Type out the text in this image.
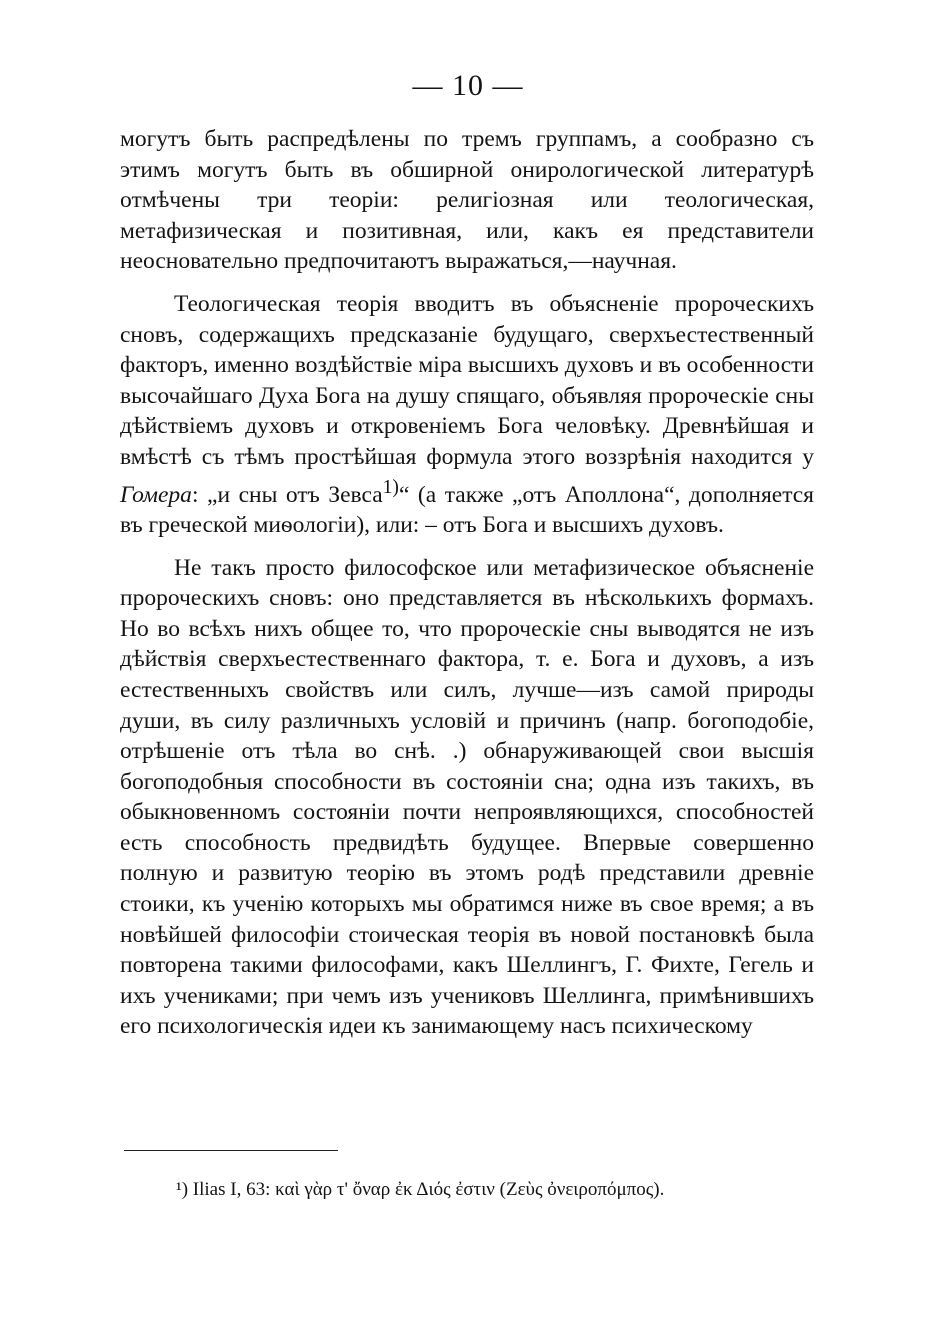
— 10 —

могутъ быть распредѣлены по тремъ группамъ, а сообразно съ этимъ могутъ быть въ обширной онирологической литературѣ отмѣчены три теоріи: религіозная или теологическая, метафизическая и позитивная, или, какъ ея представители неосновательно предпочитаютъ выражаться,—научная.

Теологическая теорія вводитъ въ объясненіе пророческихъ сновъ, содержащихъ предсказаніе будущаго, сверхъестественный факторъ, именно воздѣйствіе міра высшихъ духовъ и въ особенности высочайшаго Духа Бога на душу спящаго, объявляя пророческіе сны дѣйствіемъ духовъ и откровеніемъ Бога человѣку. Древнѣйшая и вмѣстѣ съ тѣмъ простѣйшая формула этого воззрѣнія находится у Гомера: „и сны отъ Зевса$^{1)}$“ (а также „отъ Аполлона“, дополняется въ греческой миѳологіи), или: – отъ Бога и высшихъ духовъ.

Не такъ просто философское или метафизическое объясненіе пророческихъ сновъ: оно представляется въ нѣсколькихъ формахъ. Но во всѣхъ нихъ общее то, что пророческіе сны выводятся не изъ дѣйствія сверхъестественнаго фактора, т. е. Бога и духовъ, а изъ естественныхъ свойствъ или силъ, лучше—изъ самой природы души, въ силу различныхъ условій и причинъ (напр. богоподобіе, отрѣшеніе отъ тѣла во снѣ. .) обнаруживающей свои высшія богоподобныя способности въ состояніи сна; одна изъ такихъ, въ обыкновенномъ состояніи почти непроявляющихся, способностей есть способность предвидѣть будущее. Впервые совершенно полную и развитую теорію въ этомъ родѣ представили древніе стоики, къ ученію которыхъ мы обратимся ниже въ свое время; а въ новѣйшей философіи стоическая теорія въ новой постановкѣ была повторена такими философами, какъ Шеллингъ, Г. Фихте, Гегель и ихъ учениками; при чемъ изъ учениковъ Шеллинга, примѣнившихъ его психологическія идеи къ занимающему насъ психическому

¹) Ilias I, 63: καὶ γὰρ τ' ὄναρ ἐκ Διός ἐστιν (Ζεὺς ὀνειροπόμπος).
